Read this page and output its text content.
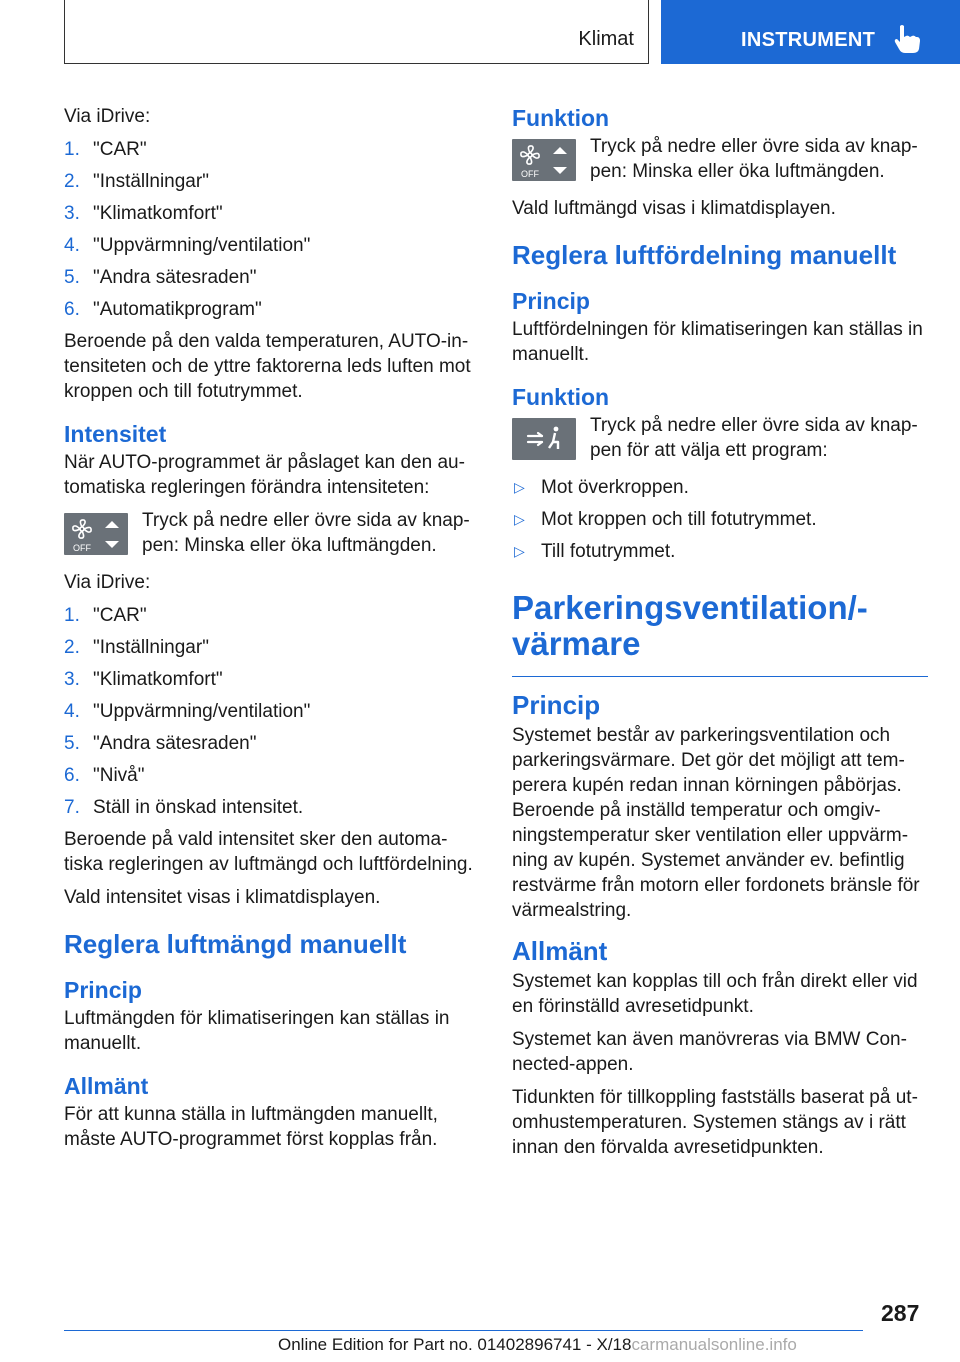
Klimat	INSTRUMENT

Via iDrive:

1. "CAR"
2. "Inställningar"
3. "Klimatkomfort"
4. "Uppvärmning/ventilation"
5. "Andra sätesraden"
6. "Automatikprogram"

Beroende på den valda temperaturen, AUTO-intensiteten och de yttre faktorerna leds luften mot kroppen och till fotutrymmet.

Intensitet

När AUTO-programmet är påslaget kan den automatiska regleringen förändra intensiteten:

OFF

Tryck på nedre eller övre sida av knappen: Minska eller öka luftmängden.

Via iDrive:

1. "CAR"
2. "Inställningar"
3. "Klimatkomfort"
4. "Uppvärmning/ventilation"
5. "Andra sätesraden"
6. "Nivå"
7. Ställ in önskad intensitet.

Beroende på vald intensitet sker den automatiska regleringen av luftmängd och luftfördelning.

Vald intensitet visas i klimatdisplayen.

Reglera luftmängd manuellt
Princip

Luftmängden för klimatiseringen kan ställas in manuellt.

Allmänt

För att kunna ställa in luftmängden manuellt, måste AUTO-programmet först kopplas från.

Funktion
OFF

Tryck på nedre eller övre sida av knappen: Minska eller öka luftmängden.

Vald luftmängd visas i klimatdisplayen.

Reglera luftfördelning manuellt
Princip

Luftfördelningen för klimatiseringen kan ställas in manuellt.

Funktion

Tryck på nedre eller övre sida av knappen för att välja ett program:

▷ Mot överkroppen.
▷ Mot kroppen och till fotutrymmet.
▷ Till fotutrymmet.
Parkeringsventilation/-värmare
Princip

Systemet består av parkeringsventilation och parkeringsvärmare. Det gör det möjligt att temperera kupén redan innan körningen påbörjas. Beroende på inställd temperatur och omgivningstemperatur sker ventilation eller uppvärmning av kupén. Systemet använder ev. befintlig restvärme från motorn eller fordonets bränsle för värmealstring.

Allmänt

Systemet kan kopplas till och från direkt eller vid en förinställd avresetidpunkt.

Systemet kan även manövreras via BMW Connected-appen.

Tidunkten för tillkoppling fastställs baserat på utomhustemperaturen. Systemen stängs av i rätt innan den förvalda avresetidpunkten.

287
Online Edition for Part no. 01402896741 - X/18carmanualsonline.info
